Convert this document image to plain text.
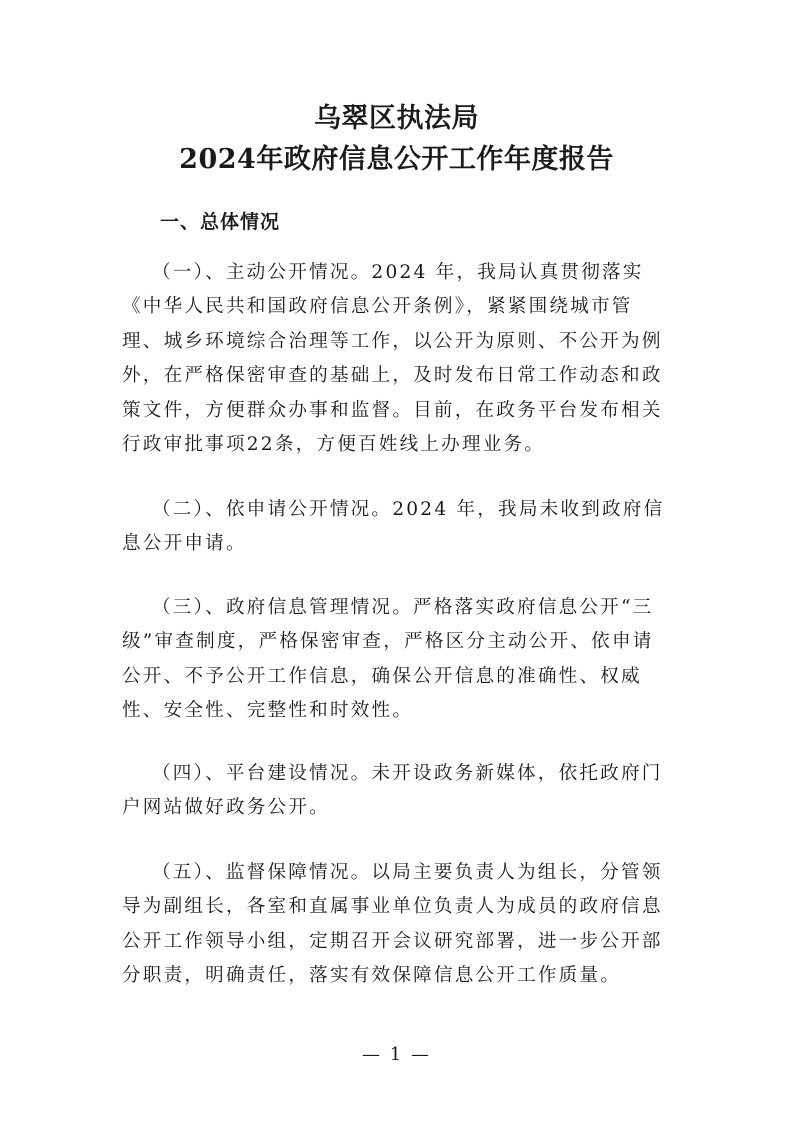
乌翠区执法局
2024年政府信息公开工作年度报告
一、总体情况

（一）、主动公开情况。2024 年，我局认真贯彻落实《中华人民共和国政府信息公开条例》，紧紧围绕城市管理、城乡环境综合治理等工作，以公开为原则、不公开为例外，在严格保密审查的基础上，及时发布日常工作动态和政策文件，方便群众办事和监督。目前，在政务平台发布相关行政审批事项22条，方便百姓线上办理业务。

（二）、依申请公开情况。2024 年，我局未收到政府信息公开申请。

（三）、政府信息管理情况。严格落实政府信息公开“三级”审查制度，严格保密审查，严格区分主动公开、依申请公开、不予公开工作信息，确保公开信息的准确性、权威性、安全性、完整性和时效性。

（四）、平台建设情况。未开设政务新媒体，依托政府门户网站做好政务公开。

（五）、监督保障情况。以局主要负责人为组长，分管领导为副组长，各室和直属事业单位负责人为成员的政府信息公开工作领导小组，定期召开会议研究部署，进一步公开部分职责，明确责任，落实有效保障信息公开工作质量。

— 1 —
